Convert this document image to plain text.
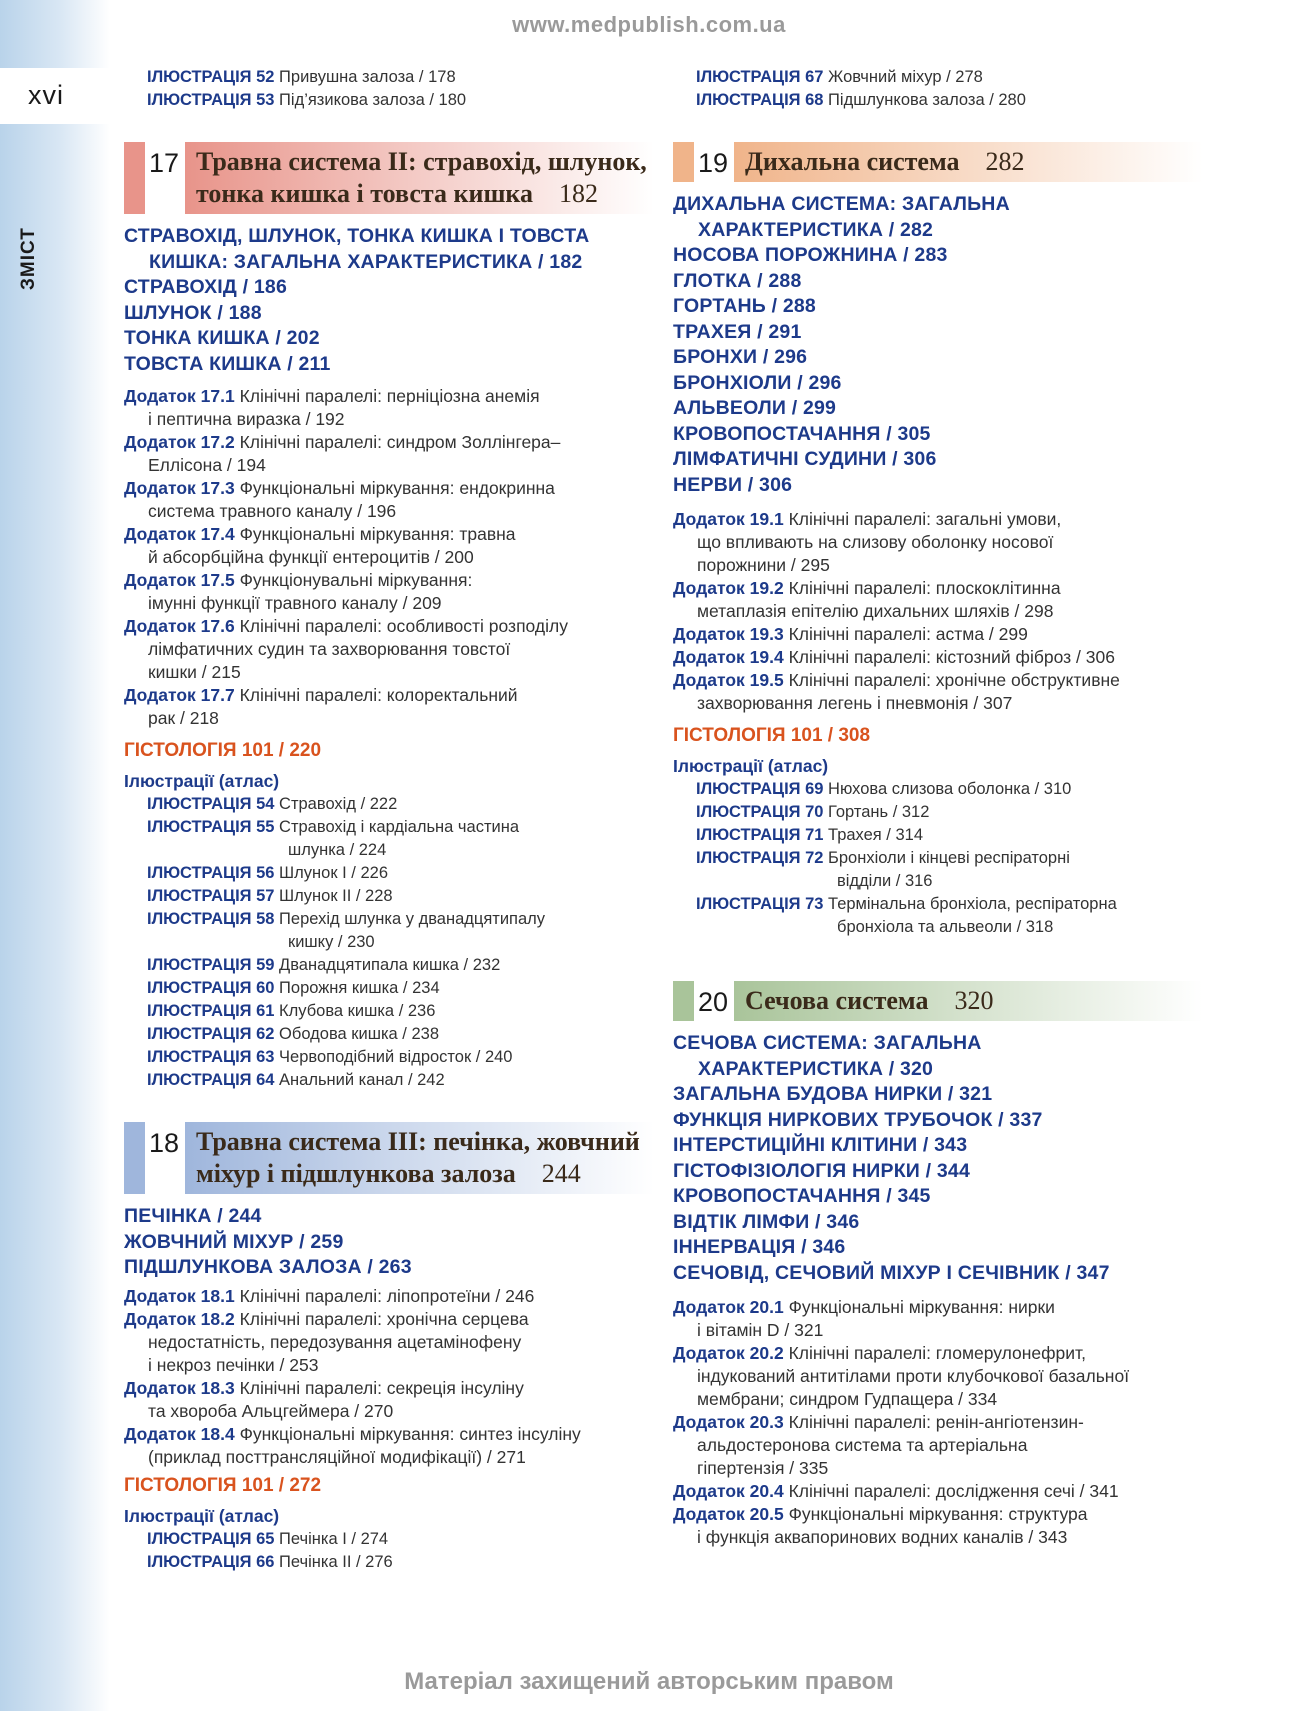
xvi
ЗМІСТ
www.medpublish.com.ua
Матеріал захищений авторським правом
ІЛЮСТРАЦІЯ 52 Привушна залоза / 178
ІЛЮСТРАЦІЯ 53 Під’язикова залоза / 180
17 Травна система II: стравохід, шлунок,
тонка кишка і товста кишка 182
СТРАВОХІД, ШЛУНОК, ТОНКА КИШКА І ТОВСТА
КИШКА: ЗАГАЛЬНА ХАРАКТЕРИСТИКА / 182
СТРАВОХІД / 186
ШЛУНОК / 188
ТОНКА КИШКА / 202
ТОВСТА КИШКА / 211
Додаток 17.1 Клінічні паралелі: перніціозна анемія
і пептична виразка / 192
Додаток 17.2 Клінічні паралелі: синдром Золлінгера–
Еллісона / 194
Додаток 17.3 Функціональні міркування: ендокринна
система травного каналу / 196
Додаток 17.4 Функціональні міркування: травна
й абсорбційна функції ентероцитів / 200
Додаток 17.5 Функціонувальні міркування:
імунні функції травного каналу / 209
Додаток 17.6 Клінічні паралелі: особливості розподілу
лімфатичних судин та захворювання товстої
кишки / 215
Додаток 17.7 Клінічні паралелі: колоректальний
рак / 218
ГІСТОЛОГІЯ 101 / 220
Ілюстрації (атлас)
ІЛЮСТРАЦІЯ 54 Стравохід / 222
ІЛЮСТРАЦІЯ 55 Стравохід і кардіальна частина
шлунка / 224
ІЛЮСТРАЦІЯ 56 Шлунок І / 226
ІЛЮСТРАЦІЯ 57 Шлунок ІІ / 228
ІЛЮСТРАЦІЯ 58 Перехід шлунка у дванадцятипалу
кишку / 230
ІЛЮСТРАЦІЯ 59 Дванадцятипала кишка / 232
ІЛЮСТРАЦІЯ 60 Порожня кишка / 234
ІЛЮСТРАЦІЯ 61 Клубова кишка / 236
ІЛЮСТРАЦІЯ 62 Ободова кишка / 238
ІЛЮСТРАЦІЯ 63 Червоподібний відросток / 240
ІЛЮСТРАЦІЯ 64 Анальний канал / 242
18 Травна система III: печінка, жовчний
міхур і підшлункова залоза 244
ПЕЧІНКА / 244
ЖОВЧНИЙ МІХУР / 259
ПІДШЛУНКОВА ЗАЛОЗА / 263
Додаток 18.1 Клінічні паралелі: ліпопротеїни / 246
Додаток 18.2 Клінічні паралелі: хронічна серцева
недостатність, передозування ацетамінофену
і некроз печінки / 253
Додаток 18.3 Клінічні паралелі: секреція інсуліну
та хвороба Альцгеймера / 270
Додаток 18.4 Функціональні міркування: синтез інсуліну
(приклад посттрансляційної модифікації) / 271
ГІСТОЛОГІЯ 101 / 272
Ілюстрації (атлас)
ІЛЮСТРАЦІЯ 65 Печінка І / 274
ІЛЮСТРАЦІЯ 66 Печінка ІІ / 276
ІЛЮСТРАЦІЯ 67 Жовчний міхур / 278
ІЛЮСТРАЦІЯ 68 Підшлункова залоза / 280
19 Дихальна система 282
ДИХАЛЬНА СИСТЕМА: ЗАГАЛЬНА
ХАРАКТЕРИСТИКА / 282
НОСОВА ПОРОЖНИНА / 283
ГЛОТКА / 288
ГОРТАНЬ / 288
ТРАХЕЯ / 291
БРОНХИ / 296
БРОНХІОЛИ / 296
АЛЬВЕОЛИ / 299
КРОВОПОСТАЧАННЯ / 305
ЛІМФАТИЧНІ СУДИНИ / 306
НЕРВИ / 306
Додаток 19.1 Клінічні паралелі: загальні умови,
що впливають на слизову оболонку носової
порожнини / 295
Додаток 19.2 Клінічні паралелі: плоскоклітинна
метаплазія епітелію дихальних шляхів / 298
Додаток 19.3 Клінічні паралелі: астма / 299
Додаток 19.4 Клінічні паралелі: кістозний фіброз / 306
Додаток 19.5 Клінічні паралелі: хронічне обструктивне
захворювання легень і пневмонія / 307
ГІСТОЛОГІЯ 101 / 308
Ілюстрації (атлас)
ІЛЮСТРАЦІЯ 69 Нюхова слизова оболонка / 310
ІЛЮСТРАЦІЯ 70 Гортань / 312
ІЛЮСТРАЦІЯ 71 Трахея / 314
ІЛЮСТРАЦІЯ 72 Бронхіоли і кінцеві респіраторні
відділи / 316
ІЛЮСТРАЦІЯ 73 Термінальна бронхіола, респіраторна
бронхіола та альвеоли / 318
20 Сечова система 320
СЕЧОВА СИСТЕМА: ЗАГАЛЬНА
ХАРАКТЕРИСТИКА / 320
ЗАГАЛЬНА БУДОВА НИРКИ / 321
ФУНКЦІЯ НИРКОВИХ ТРУБОЧОК / 337
ІНТЕРСТИЦІЙНІ КЛІТИНИ / 343
ГІСТОФІЗІОЛОГІЯ НИРКИ / 344
КРОВОПОСТАЧАННЯ / 345
ВІДТІК ЛІМФИ / 346
ІННЕРВАЦІЯ / 346
СЕЧОВІД, СЕЧОВИЙ МІХУР І СЕЧІВНИК / 347
Додаток 20.1 Функціональні міркування: нирки
і вітамін D / 321
Додаток 20.2 Клінічні паралелі: гломерулонефрит,
індукований антитілами проти клубочкової базальної
мембрани; синдром Гудпащера / 334
Додаток 20.3 Клінічні паралелі: ренін-ангіотензин-
альдостеронова система та артеріальна
гіпертензія / 335
Додаток 20.4 Клінічні паралелі: дослідження сечі / 341
Додаток 20.5 Функціональні міркування: структура
і функція аквапоринових водних каналів / 343
